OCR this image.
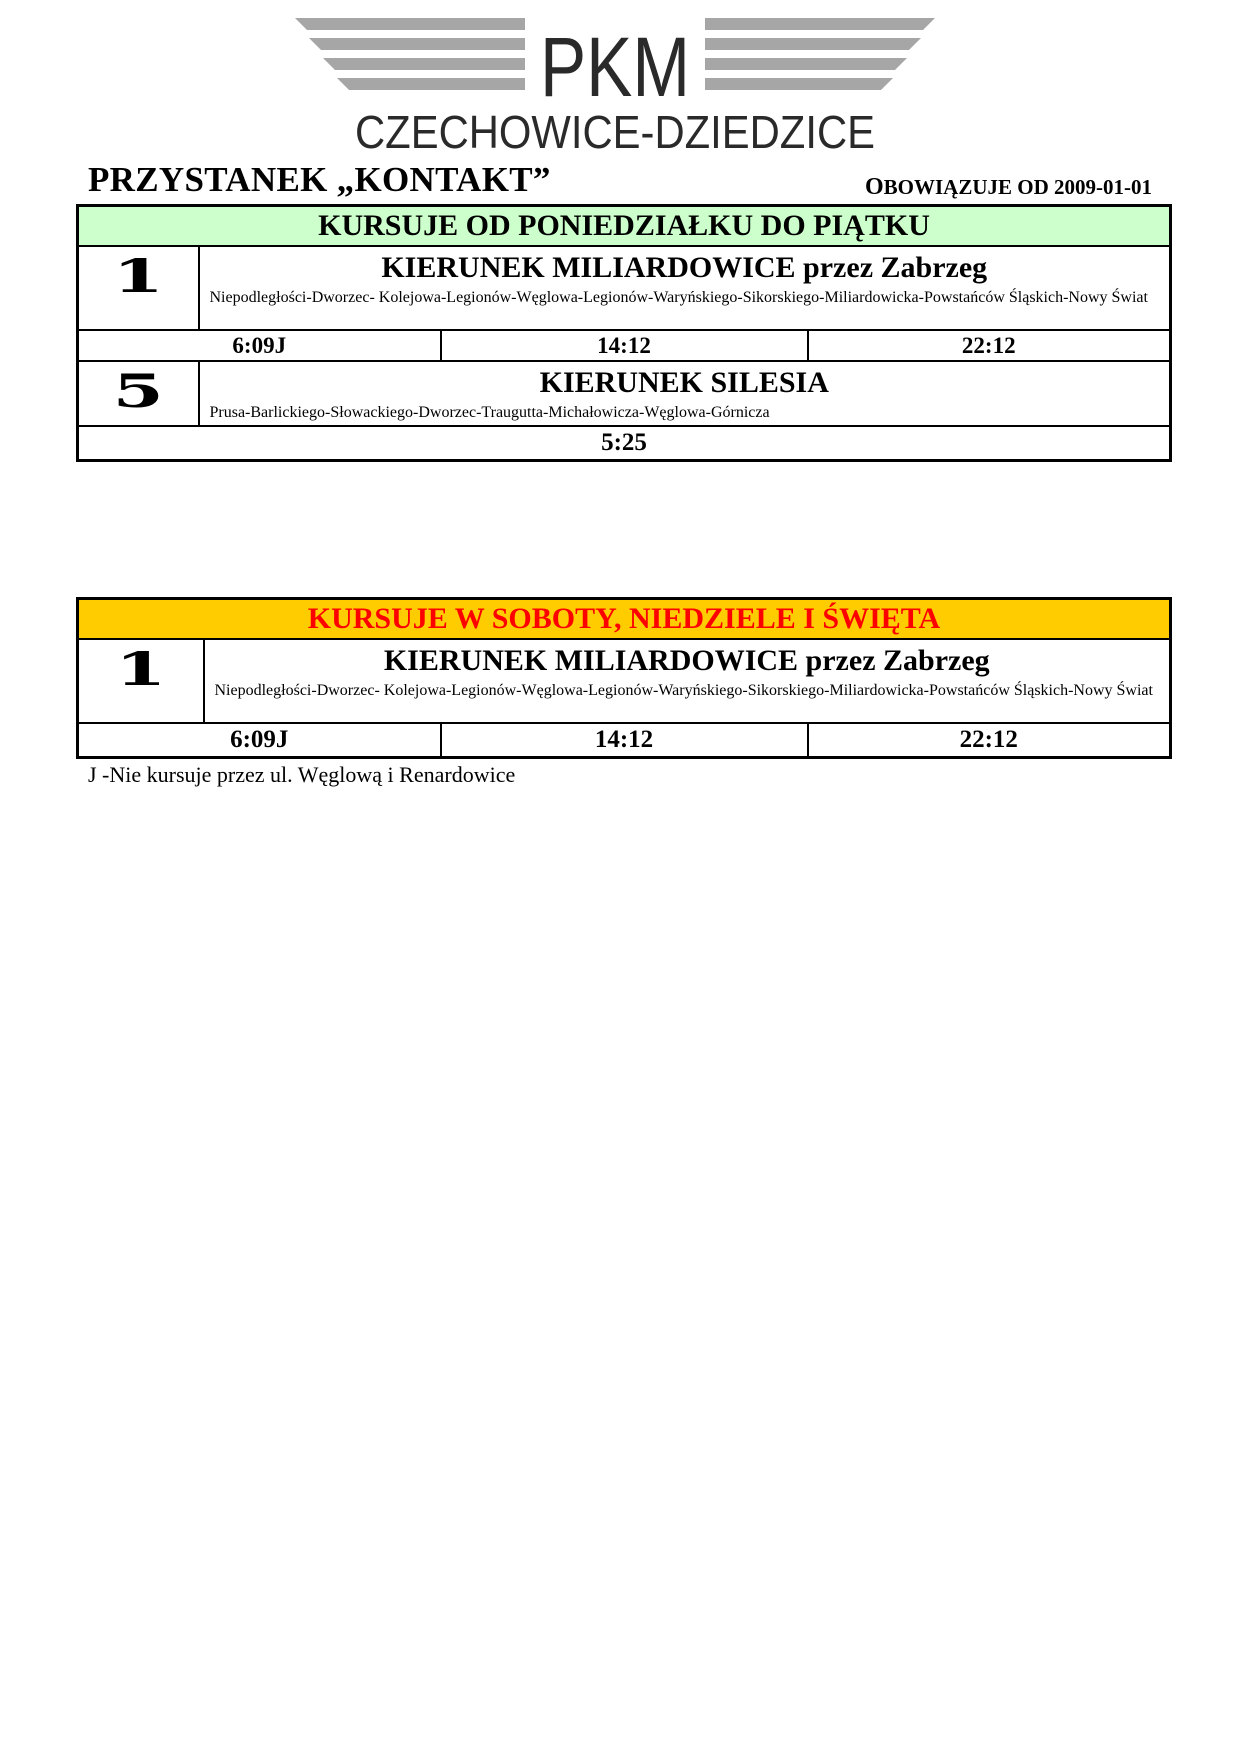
PKM
CZECHOWICE-DZIEDZICE
PRZYSTANEK „KONTAKT”	OBOWIĄZUJE OD 2009-01-01
KURSUJE OD PONIEDZIAŁKU DO PIĄTKU			

1	KIERUNEK MILIARDOWICE przez Zabrzeg
Niepodległości-Dworzec- Kolejowa-Legionów-Węglowa-Legionów-Waryńskiego-Sikorskiego-Miliardowicka-Powstańców Śląskich-Nowy Świat		

6:09J		14:12	22:12

5	KIERUNEK SILESIA
Prusa-Barlickiego-Słowackiego-Dworzec-Traugutta-Michałowicza-Węglowa-Górnicza		

5:25			
KURSUJE W SOBOTY, NIEDZIELE I ŚWIĘTA			

1	KIERUNEK MILIARDOWICE przez Zabrzeg
Niepodległości-Dworzec- Kolejowa-Legionów-Węglowa-Legionów-Waryńskiego-Sikorskiego-Miliardowicka-Powstańców Śląskich-Nowy Świat		

6:09J		14:12	22:12
J -Nie kursuje przez ul. Węglową i Renardowice
